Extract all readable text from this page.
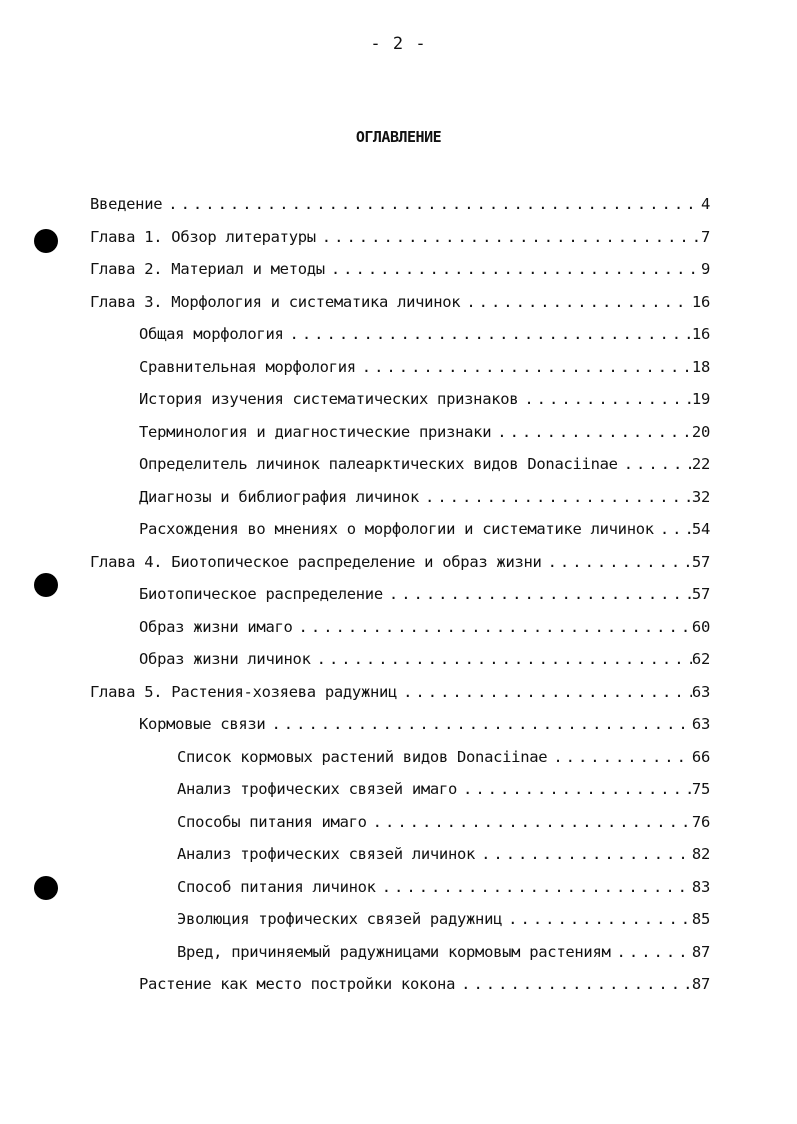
- 2 -
ОГЛАВЛЕНИЕ
Введение .....	4
Глава 1. Обзор литературы .....	7
Глава 2. Материал и методы .....	9
Глава 3. Морфология и систематика личинок .....	16
Общая морфология .....	16
Сравнительная морфология .....	18
История изучения систематических признаков .....	19
Терминология и диагностические признаки .....	20
Определитель личинок палеарктических видов Donaciinae .....	22
Диагнозы и библиография личинок .....	32
Расхождения во мнениях о морфологии и систематике личинок .....	54
Глава 4. Биотопическое распределение и образ жизни .....	57
Биотопическое распределение .....	57
Образ жизни имаго .....	60
Образ жизни личинок .....	62
Глава 5. Растения-хозяева радужниц .....	63
Кормовые связи .....	63
Список кормовых растений видов Donaciinae .....	66
Анализ трофических связей имаго .....	75
Способы питания имаго .....	76
Анализ трофических связей личинок .....	82
Способ питания личинок .....	83
Эволюция трофических связей радужниц .....	85
Вред, причиняемый радужницами кормовым растениям .....	87
Растение как место постройки кокона .....	87
